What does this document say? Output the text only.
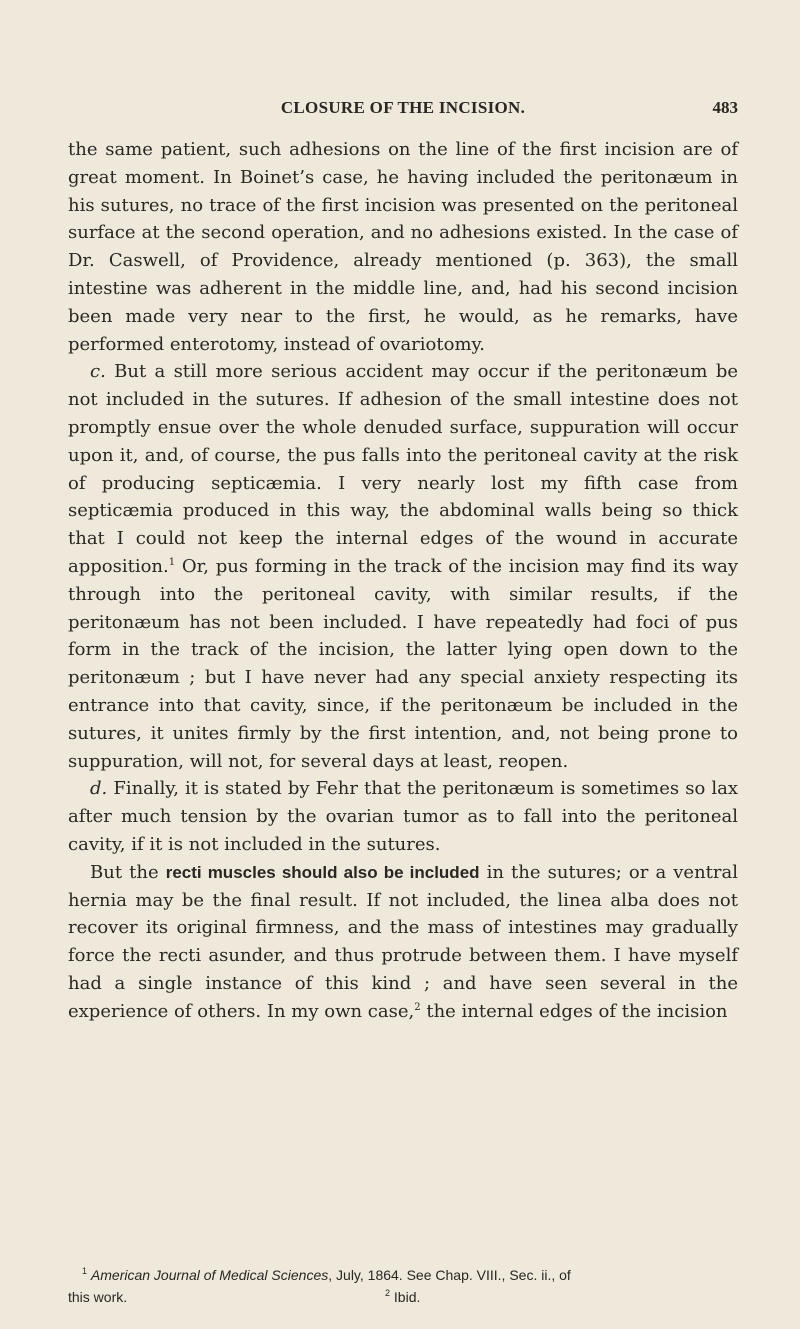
CLOSURE OF THE INCISION.	483

the same patient, such adhesions on the line of the first incision are of great moment. In Boinet’s case, he having included the peritonæum in his sutures, no trace of the first incision was presented on the peritoneal surface at the second operation, and no adhesions existed. In the case of Dr. Caswell, of Providence, already mentioned (p. 363), the small intestine was adherent in the middle line, and, had his second incision been made very near to the first, he would, as he remarks, have performed enterotomy, instead of ovariotomy.

c. But a still more serious accident may occur if the peritonæum be not included in the sutures. If adhesion of the small intestine does not promptly ensue over the whole denuded surface, suppuration will occur upon it, and, of course, the pus falls into the peritoneal cavity at the risk of producing septicæmia. I very nearly lost my fifth case from septicæmia produced in this way, the abdominal walls being so thick that I could not keep the internal edges of the wound in accurate apposition.$^1$ Or, pus forming in the track of the incision may find its way through into the peritoneal cavity, with similar results, if the peritonæum has not been included. I have repeatedly had foci of pus form in the track of the incision, the latter lying open down to the peritonæum ; but I have never had any special anxiety respecting its entrance into that cavity, since, if the peritonæum be included in the sutures, it unites firmly by the first intention, and, not being prone to suppuration, will not, for several days at least, reopen.

d. Finally, it is stated by Fehr that the peritonæum is sometimes so lax after much tension by the ovarian tumor as to fall into the peritoneal cavity, if it is not included in the sutures.

But the recti muscles should also be included in the sutures; or a ventral hernia may be the final result. If not included, the linea alba does not recover its original firmness, and the mass of intestines may gradually force the recti asunder, and thus protrude between them. I have myself had a single instance of this kind ; and have seen several in the experience of others. In my own case,$^2$ the internal edges of the incision

$^1$ American Journal of Medical Sciences, July, 1864. See Chap. VIII., Sec. ii., of
this work.	$^2$ Ibid.
